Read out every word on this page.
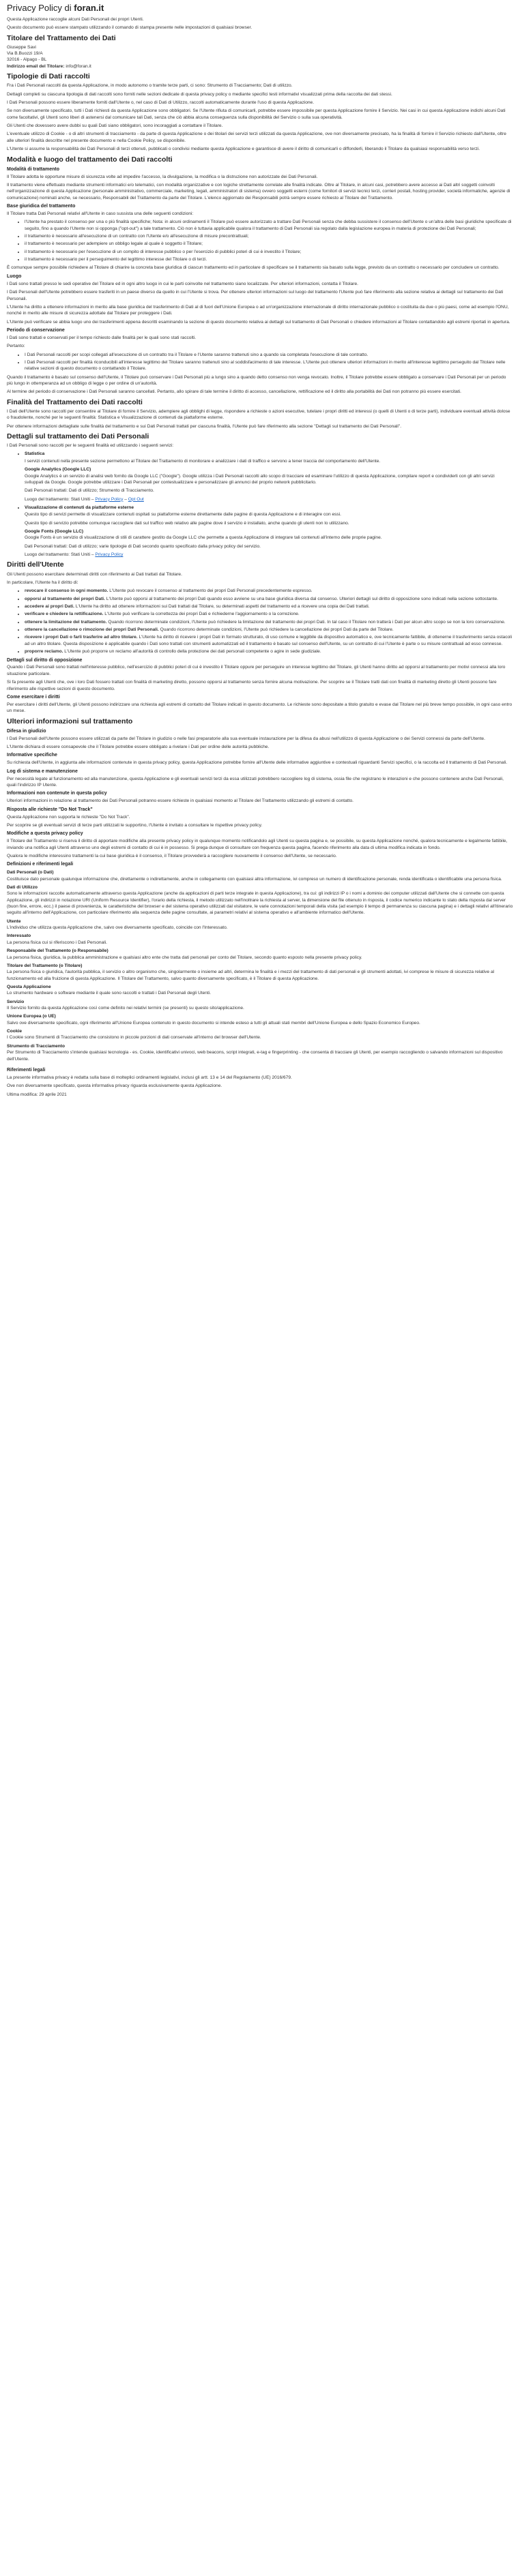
Privacy Policy di foran.it

Questa Applicazione raccoglie alcuni Dati Personali dei propri Utenti.

Questo documento può essere stampato utilizzando il comando di stampa presente nelle impostazioni di qualsiasi browser.

Titolare del Trattamento dei Dati

Giuseppe Savi

Via B.Buozzi 19/A

32016 - Alpago - BL

Indirizzo email del Titolare: info@foran.it

Tipologie di Dati raccolti

Fra i Dati Personali raccolti da questa Applicazione, in modo autonomo o tramite terze parti, ci sono: Strumento di Tracciamento; Dati di utilizzo.

Dettagli completi su ciascuna tipologia di dati raccolti sono forniti nelle sezioni dedicate di questa privacy policy o mediante specifici testi informativi visualizzati prima della raccolta dei dati stessi.

I Dati Personali possono essere liberamente forniti dall'Utente o, nel caso di Dati di Utilizzo, raccolti automaticamente durante l'uso di questa Applicazione.

Se non diversamente specificato, tutti i Dati richiesti da questa Applicazione sono obbligatori. Se l'Utente rifiuta di comunicarli, potrebbe essere impossibile per questa Applicazione fornire il Servizio. Nei casi in cui questa Applicazione indichi alcuni Dati come facoltativi, gli Utenti sono liberi di astenersi dal comunicare tali Dati, senza che ciò abbia alcuna conseguenza sulla disponibilità del Servizio o sulla sua operatività.

Gli Utenti che dovessero avere dubbi su quali Dati siano obbligatori, sono incoraggiati a contattare il Titolare.

L'eventuale utilizzo di Cookie - o di altri strumenti di tracciamento - da parte di questa Applicazione o dei titolari dei servizi terzi utilizzati da questa Applicazione, ove non diversamente precisato, ha la finalità di fornire il Servizio richiesto dall'Utente, oltre alle ulteriori finalità descritte nel presente documento e nella Cookie Policy, se disponibile.

L'Utente si assume la responsabilità dei Dati Personali di terzi ottenuti, pubblicati o condivisi mediante questa Applicazione e garantisce di avere il diritto di comunicarli o diffonderli, liberando il Titolare da qualsiasi responsabilità verso terzi.

Modalità e luogo del trattamento dei Dati raccolti
Modalità di trattamento

Il Titolare adotta le opportune misure di sicurezza volte ad impedire l'accesso, la divulgazione, la modifica o la distruzione non autorizzate dei Dati Personali.

Il trattamento viene effettuato mediante strumenti informatici e/o telematici, con modalità organizzative e con logiche strettamente correlate alle finalità indicate. Oltre al Titolare, in alcuni casi, potrebbero avere accesso ai Dati altri soggetti coinvolti nell'organizzazione di questa Applicazione (personale amministrativo, commerciale, marketing, legali, amministratori di sistema) ovvero soggetti esterni (come fornitori di servizi tecnici terzi, corrieri postali, hosting provider, società informatiche, agenzie di comunicazione) nominati anche, se necessario, Responsabili del Trattamento da parte del Titolare. L'elenco aggiornato dei Responsabili potrà sempre essere richiesto al Titolare del Trattamento.

Base giuridica del trattamento

Il Titolare tratta Dati Personali relativi all'Utente in caso sussista una delle seguenti condizioni:

• l'Utente ha prestato il consenso per una o più finalità specifiche; Nota: in alcuni ordinamenti il Titolare può essere autorizzato a trattare Dati Personali senza che debba sussistere il consenso dell'Utente o un'altra delle basi giuridiche specificate di seguito, fino a quando l'Utente non si opponga ("opt-out") a tale trattamento. Ciò non è tuttavia applicabile qualora il trattamento di Dati Personali sia regolato dalla legislazione europea in materia di protezione dei Dati Personali;
• il trattamento è necessario all'esecuzione di un contratto con l'Utente e/o all'esecuzione di misure precontrattuali;
• il trattamento è necessario per adempiere un obbligo legale al quale è soggetto il Titolare;
• il trattamento è necessario per l'esecuzione di un compito di interesse pubblico o per l'esercizio di pubblici poteri di cui è investito il Titolare;
• il trattamento è necessario per il perseguimento del legittimo interesse del Titolare o di terzi.

È comunque sempre possibile richiedere al Titolare di chiarire la concreta base giuridica di ciascun trattamento ed in particolare di specificare se il trattamento sia basato sulla legge, previsto da un contratto o necessario per concludere un contratto.

Luogo

I Dati sono trattati presso le sedi operative del Titolare ed in ogni altro luogo in cui le parti coinvolte nel trattamento siano localizzate. Per ulteriori informazioni, contatta il Titolare.

I Dati Personali dell'Utente potrebbero essere trasferiti in un paese diverso da quello in cui l'Utente si trova. Per ottenere ulteriori informazioni sul luogo del trattamento l'Utente può fare riferimento alla sezione relativa ai dettagli sul trattamento dei Dati Personali.

L'Utente ha diritto a ottenere informazioni in merito alla base giuridica del trasferimento di Dati al di fuori dell'Unione Europea o ad un'organizzazione internazionale di diritto internazionale pubblico o costituita da due o più paesi, come ad esempio l'ONU, nonché in merito alle misure di sicurezza adottate dal Titolare per proteggere i Dati.

L'Utente può verificare se abbia luogo uno dei trasferimenti appena descritti esaminando la sezione di questo documento relativa ai dettagli sul trattamento di Dati Personali o chiedere informazioni al Titolare contattandolo agli estremi riportati in apertura.

Periodo di conservazione

I Dati sono trattati e conservati per il tempo richiesto dalle finalità per le quali sono stati raccolti.

Pertanto:

• I Dati Personali raccolti per scopi collegati all'esecuzione di un contratto tra il Titolare e l'Utente saranno trattenuti sino a quando sia completata l'esecuzione di tale contratto.
• I Dati Personali raccolti per finalità riconducibili all'interesse legittimo del Titolare saranno trattenuti sino al soddisfacimento di tale interesse. L'Utente può ottenere ulteriori informazioni in merito all'interesse legittimo perseguito dal Titolare nelle relative sezioni di questo documento o contattando il Titolare.

Quando il trattamento è basato sul consenso dell'Utente, il Titolare può conservare i Dati Personali più a lungo sino a quando detto consenso non venga revocato. Inoltre, il Titolare potrebbe essere obbligato a conservare i Dati Personali per un periodo più lungo in ottemperanza ad un obbligo di legge o per ordine di un'autorità.

Al termine del periodo di conservazione i Dati Personali saranno cancellati. Pertanto, allo spirare di tale termine il diritto di accesso, cancellazione, rettificazione ed il diritto alla portabilità dei Dati non potranno più essere esercitati.

Finalità del Trattamento dei Dati raccolti

I Dati dell'Utente sono raccolti per consentire al Titolare di fornire il Servizio, adempiere agli obblighi di legge, rispondere a richieste o azioni esecutive, tutelare i propri diritti ed interessi (o quelli di Utenti o di terze parti), individuare eventuali attività dolose o fraudolente, nonché per le seguenti finalità: Statistica e Visualizzazione di contenuti da piattaforme esterne.

Per ottenere informazioni dettagliate sulle finalità del trattamento e sui Dati Personali trattati per ciascuna finalità, l'Utente può fare riferimento alla sezione "Dettagli sul trattamento dei Dati Personali".

Dettagli sul trattamento dei Dati Personali

I Dati Personali sono raccolti per le seguenti finalità ed utilizzando i seguenti servizi:

• Statistica

I servizi contenuti nella presente sezione permettono al Titolare del Trattamento di monitorare e analizzare i dati di traffico e servono a tener traccia del comportamento dell'Utente.

Google Analytics (Google LLC)

Google Analytics è un servizio di analisi web fornito da Google LLC ("Google"). Google utilizza i Dati Personali raccolti allo scopo di tracciare ed esaminare l'utilizzo di questa Applicazione, compilare report e condividerli con gli altri servizi sviluppati da Google. Google potrebbe utilizzare i Dati Personali per contestualizzare e personalizzare gli annunci del proprio network pubblicitario.

Dati Personali trattati: Dati di utilizzo; Strumento di Tracciamento.

Luogo del trattamento: Stati Uniti – Privacy Policy – Opt Out

• Visualizzazione di contenuti da piattaforme esterne

Questo tipo di servizi permette di visualizzare contenuti ospitati su piattaforme esterne direttamente dalle pagine di questa Applicazione e di interagire con essi.

Questo tipo di servizio potrebbe comunque raccogliere dati sul traffico web relativo alle pagine dove il servizio è installato, anche quando gli utenti non lo utilizzano.

Google Fonts (Google LLC)

Google Fonts è un servizio di visualizzazione di stili di carattere gestito da Google LLC che permette a questa Applicazione di integrare tali contenuti all'interno delle proprie pagine.

Dati Personali trattati: Dati di utilizzo; varie tipologie di Dati secondo quanto specificato dalla privacy policy del servizio.

Luogo del trattamento: Stati Uniti – Privacy Policy

Diritti dell'Utente

Gli Utenti possono esercitare determinati diritti con riferimento ai Dati trattati dal Titolare.

In particolare, l'Utente ha il diritto di:

• revocare il consenso in ogni momento. L'Utente può revocare il consenso al trattamento dei propri Dati Personali precedentemente espresso.
• opporsi al trattamento dei propri Dati. L'Utente può opporsi al trattamento dei propri Dati quando esso avviene su una base giuridica diversa dal consenso. Ulteriori dettagli sul diritto di opposizione sono indicati nella sezione sottostante.
• accedere ai propri Dati. L'Utente ha diritto ad ottenere informazioni sui Dati trattati dal Titolare, su determinati aspetti del trattamento ed a ricevere una copia dei Dati trattati.
• verificare e chiedere la rettificazione. L'Utente può verificare la correttezza dei propri Dati e richiederne l'aggiornamento o la correzione.
• ottenere la limitazione del trattamento. Quando ricorrono determinate condizioni, l'Utente può richiedere la limitazione del trattamento dei propri Dati. In tal caso il Titolare non tratterà i Dati per alcun altro scopo se non la loro conservazione.
• ottenere la cancellazione o rimozione dei propri Dati Personali. Quando ricorrono determinate condizioni, l'Utente può richiedere la cancellazione dei propri Dati da parte del Titolare.
• ricevere i propri Dati o farli trasferire ad altro titolare. L'Utente ha diritto di ricevere i propri Dati in formato strutturato, di uso comune e leggibile da dispositivo automatico e, ove tecnicamente fattibile, di ottenerne il trasferimento senza ostacoli ad un altro titolare. Questa disposizione è applicabile quando i Dati sono trattati con strumenti automatizzati ed il trattamento è basato sul consenso dell'Utente, su un contratto di cui l'Utente è parte o su misure contrattuali ad esso connesse.
• proporre reclamo. L'Utente può proporre un reclamo all'autorità di controllo della protezione dei dati personali competente o agire in sede giudiziale.
Dettagli sul diritto di opposizione

Quando i Dati Personali sono trattati nell'interesse pubblico, nell'esercizio di pubblici poteri di cui è investito il Titolare oppure per perseguire un interesse legittimo del Titolare, gli Utenti hanno diritto ad opporsi al trattamento per motivi connessi alla loro situazione particolare.

Si fa presente agli Utenti che, ove i loro Dati fossero trattati con finalità di marketing diretto, possono opporsi al trattamento senza fornire alcuna motivazione. Per scoprire se il Titolare tratti dati con finalità di marketing diretto gli Utenti possono fare riferimento alle rispettive sezioni di questo documento.

Come esercitare i diritti

Per esercitare i diritti dell'Utente, gli Utenti possono indirizzare una richiesta agli estremi di contatto del Titolare indicati in questo documento. Le richieste sono depositate a titolo gratuito e evase dal Titolare nel più breve tempo possibile, in ogni caso entro un mese.

Ulteriori informazioni sul trattamento
Difesa in giudizio

I Dati Personali dell'Utente possono essere utilizzati da parte del Titolare in giudizio o nelle fasi preparatorie alla sua eventuale instaurazione per la difesa da abusi nell'utilizzo di questa Applicazione o dei Servizi connessi da parte dell'Utente.

L'Utente dichiara di essere consapevole che il Titolare potrebbe essere obbligato a rivelare i Dati per ordine delle autorità pubbliche.

Informative specifiche

Su richiesta dell'Utente, in aggiunta alle informazioni contenute in questa privacy policy, questa Applicazione potrebbe fornire all'Utente delle informative aggiuntive e contestuali riguardanti Servizi specifici, o la raccolta ed il trattamento di Dati Personali.

Log di sistema e manutenzione

Per necessità legate al funzionamento ed alla manutenzione, questa Applicazione e gli eventuali servizi terzi da essa utilizzati potrebbero raccogliere log di sistema, ossia file che registrano le interazioni e che possono contenere anche Dati Personali, quali l'indirizzo IP Utente.

Informazioni non contenute in questa policy

Ulteriori informazioni in relazione al trattamento dei Dati Personali potranno essere richieste in qualsiasi momento al Titolare del Trattamento utilizzando gli estremi di contatto.

Risposta alle richieste "Do Not Track"

Questa Applicazione non supporta le richieste "Do Not Track".

Per scoprire se gli eventuali servizi di terze parti utilizzati le supportino, l'Utente è invitato a consultare le rispettive privacy policy.

Modifiche a questa privacy policy

Il Titolare del Trattamento si riserva il diritto di apportare modifiche alla presente privacy policy in qualunque momento notificandolo agli Utenti su questa pagina e, se possibile, su questa Applicazione nonché, qualora tecnicamente e legalmente fattibile, inviando una notifica agli Utenti attraverso uno degli estremi di contatto di cui è in possesso. Si prega dunque di consultare con frequenza questa pagina, facendo riferimento alla data di ultima modifica indicata in fondo.

Qualora le modifiche interessino trattamenti la cui base giuridica è il consenso, il Titolare provvederà a raccogliere nuovamente il consenso dell'Utente, se necessario.

Definizioni e riferimenti legali
Dati Personali (o Dati)

Costituisce dato personale qualunque informazione che, direttamente o indirettamente, anche in collegamento con qualsiasi altra informazione, ivi compreso un numero di identificazione personale, renda identificata o identificabile una persona fisica.

Dati di Utilizzo

Sono le informazioni raccolte automaticamente attraverso questa Applicazione (anche da applicazioni di parti terze integrate in questa Applicazione), tra cui: gli indirizzi IP o i nomi a dominio dei computer utilizzati dall'Utente che si connette con questa Applicazione, gli indirizzi in notazione URI (Uniform Resource Identifier), l'orario della richiesta, il metodo utilizzato nell'inoltrare la richiesta al server, la dimensione del file ottenuto in risposta, il codice numerico indicante lo stato della risposta dal server (buon fine, errore, ecc.) il paese di provenienza, le caratteristiche del browser e del sistema operativo utilizzati dal visitatore, le varie connotazioni temporali della visita (ad esempio il tempo di permanenza su ciascuna pagina) e i dettagli relativi all'itinerario seguito all'interno dell'Applicazione, con particolare riferimento alla sequenza delle pagine consultate, ai parametri relativi al sistema operativo e all'ambiente informatico dell'Utente.

Utente

L'individuo che utilizza questa Applicazione che, salvo ove diversamente specificato, coincide con l'Interessato.

Interessato

La persona fisica cui si riferiscono i Dati Personali.

Responsabile del Trattamento (o Responsabile)

La persona fisica, giuridica, la pubblica amministrazione e qualsiasi altro ente che tratta dati personali per conto del Titolare, secondo quanto esposto nella presente privacy policy.

Titolare del Trattamento (o Titolare)

La persona fisica o giuridica, l'autorità pubblica, il servizio o altro organismo che, singolarmente o insieme ad altri, determina le finalità e i mezzi del trattamento di dati personali e gli strumenti adottati, ivi comprese le misure di sicurezza relative al funzionamento ed alla fruizione di questa Applicazione. Il Titolare del Trattamento, salvo quanto diversamente specificato, è il Titolare di questa Applicazione.

Questa Applicazione

Lo strumento hardware o software mediante il quale sono raccolti e trattati i Dati Personali degli Utenti.

Servizio

Il Servizio fornito da questa Applicazione così come definito nei relativi termini (se presenti) su questo sito/applicazione.

Unione Europea (o UE)

Salvo ove diversamente specificato, ogni riferimento all'Unione Europea contenuto in questo documento si intende esteso a tutti gli attuali stati membri dell'Unione Europea e dello Spazio Economico Europeo.

Cookie

I Cookie sono Strumenti di Tracciamento che consistono in piccole porzioni di dati conservate all'interno del browser dell'Utente.

Strumento di Tracciamento

Per Strumento di Tracciamento s'intende qualsiasi tecnologia - es. Cookie, identificativi univoci, web beacons, script integrati, e-tag e fingerprinting - che consenta di tracciare gli Utenti, per esempio raccogliendo o salvando informazioni sul dispositivo dell'Utente.

Riferimenti legali

La presente informativa privacy è redatta sulla base di molteplici ordinamenti legislativi, inclusi gli artt. 13 e 14 del Regolamento (UE) 2016/679.

Ove non diversamente specificato, questa informativa privacy riguarda esclusivamente questa Applicazione.

Ultima modifica: 29 aprile 2021
